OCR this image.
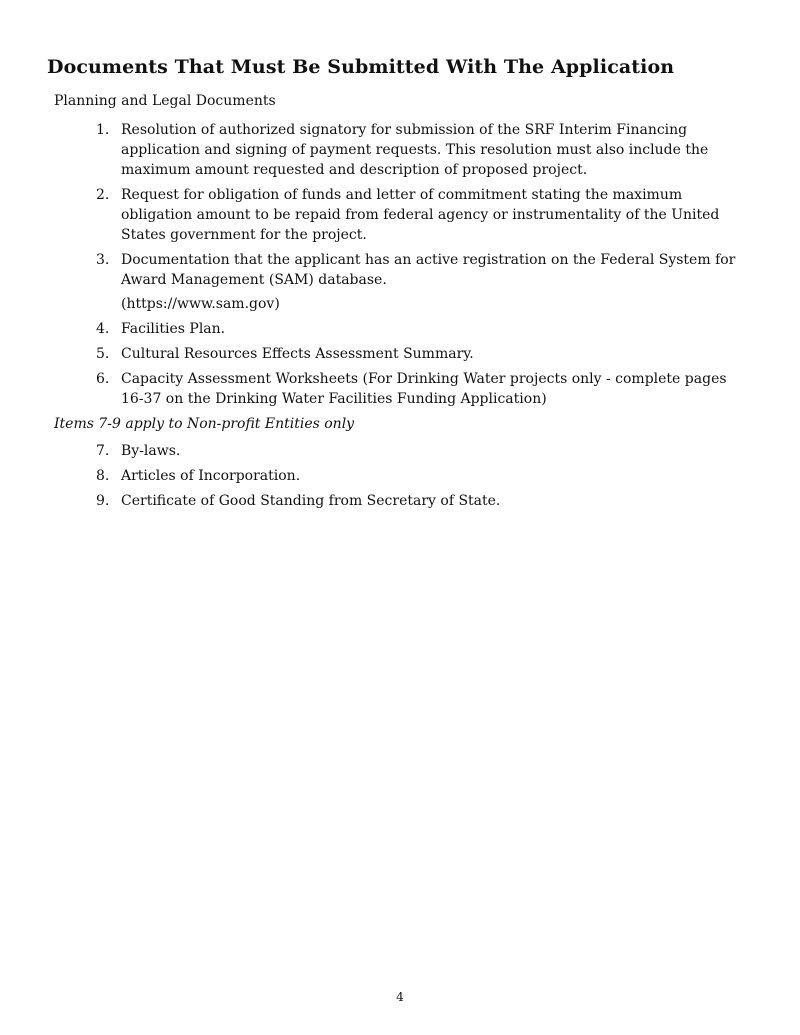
Documents That Must Be Submitted With The Application
Planning and Legal Documents
1. Resolution of authorized signatory for submission of the SRF Interim Financing application and signing of payment requests. This resolution must also include the maximum amount requested and description of proposed project.
2. Request for obligation of funds and letter of commitment stating the maximum obligation amount to be repaid from federal agency or instrumentality of the United States government for the project.
3. Documentation that the applicant has an active registration on the Federal System for Award Management (SAM) database.
(https://www.sam.gov)
4. Facilities Plan.
5. Cultural Resources Effects Assessment Summary.
6. Capacity Assessment Worksheets (For Drinking Water projects only - complete pages 16-37 on the Drinking Water Facilities Funding Application)
Items 7-9 apply to Non-profit Entities only
7. By-laws.
8. Articles of Incorporation.
9. Certificate of Good Standing from Secretary of State.
4
